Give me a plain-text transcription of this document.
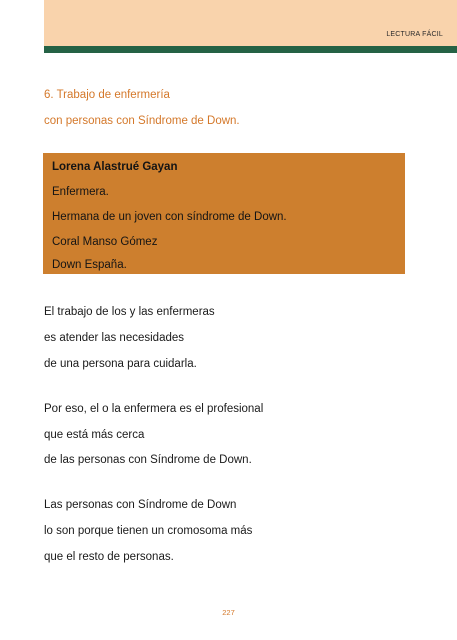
LECTURA FÁCIL
6. Trabajo de enfermería
con personas con Síndrome de Down.
Lorena Alastrué Gayan
Enfermera.
Hermana de un joven con síndrome de Down.
Coral Manso Gómez
Down España.
El trabajo de los y las enfermeras
es atender las necesidades
de una persona para cuidarla.
Por eso, el o la enfermera es el profesional
que está más cerca
de las personas con Síndrome de Down.
Las personas con Síndrome de Down
lo son porque tienen un cromosoma más
que el resto de personas.
227
